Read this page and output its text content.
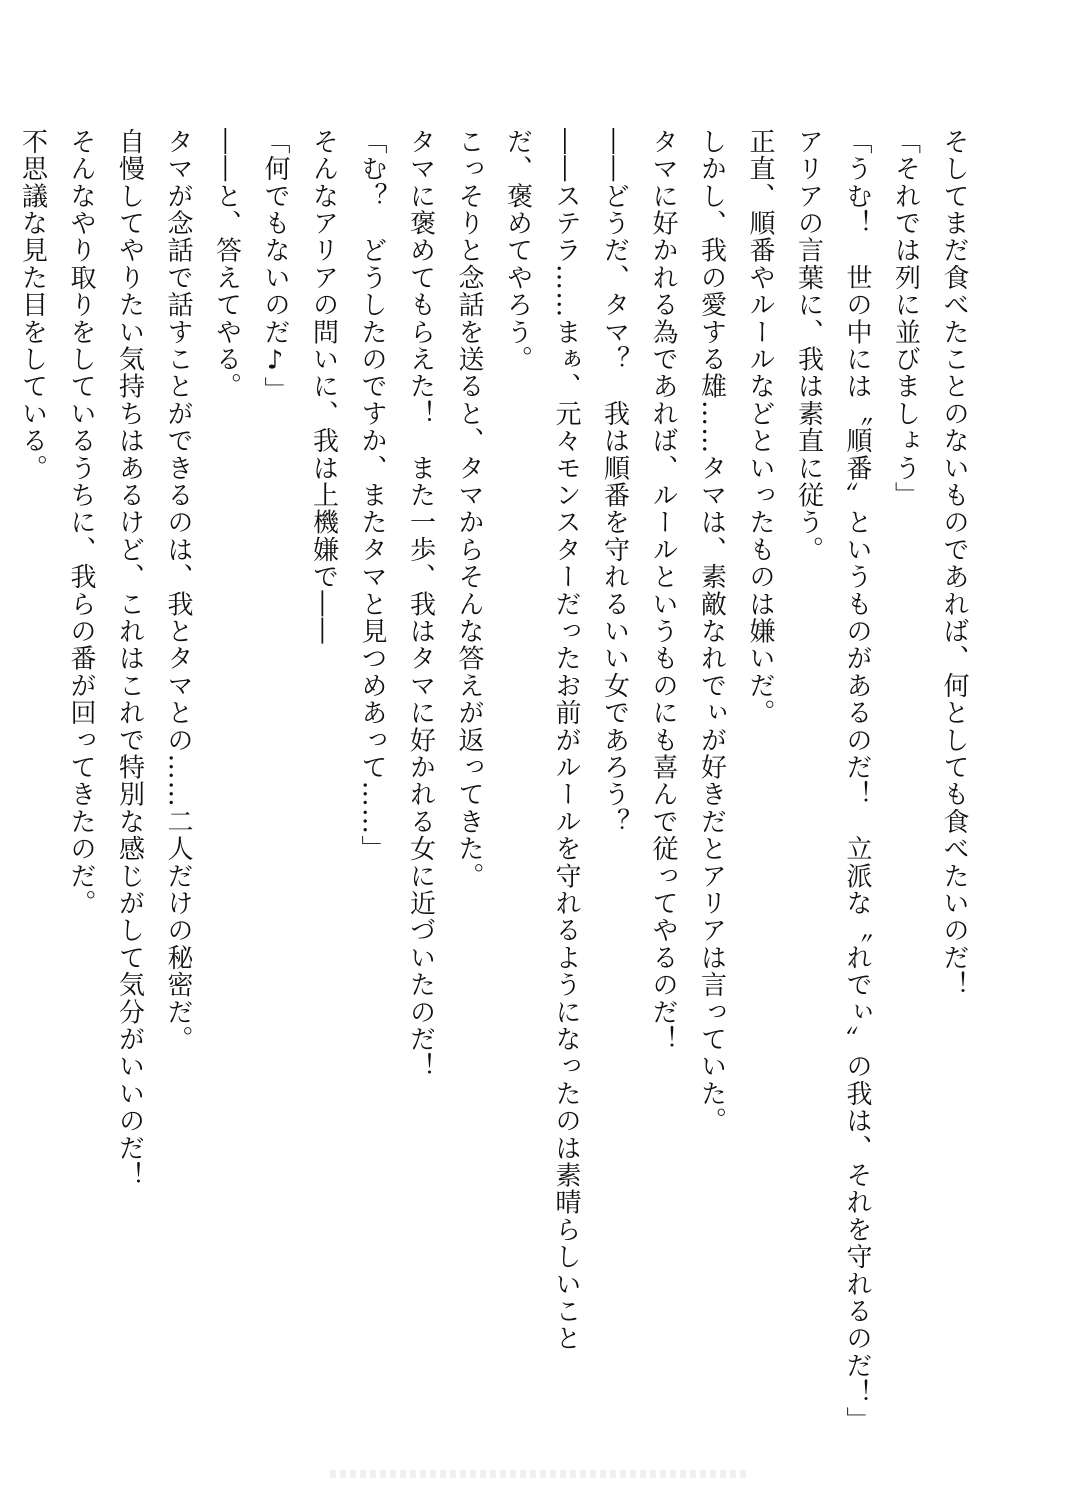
そしてまだ食べたことのないものであれば、何としても食べたいのだ！
「それでは列に並びましょう」
「うむ！　世の中には〝順番〟というものがあるのだ！　立派な〝れでぃ〟の我は、それを守れるのだ！」
アリアの言葉に、我は素直に従う。
正直、順番やルールなどといったものは嫌いだ。
しかし、我の愛する雄……タマは、素敵なれでぃが好きだとアリアは言っていた。
タマに好かれる為であれば、ルールというものにも喜んで従ってやるのだ！
――どうだ、タマ？　我は順番を守れるいい女であろう？
――ステラ……まぁ、元々モンスターだったお前がルールを守れるようになったのは素晴らしいこと
だ、褒めてやろう。
こっそりと念話を送ると、タマからそんな答えが返ってきた。
タマに褒めてもらえた！　また一歩、我はタマに好かれる女に近づいたのだ！
「む？　どうしたのですか、またタマと見つめあって……」
そんなアリアの問いに、我は上機嫌で――
「何でもないのだ♪」
――と、答えてやる。
タマが念話で話すことができるのは、我とタマとの……二人だけの秘密だ。
自慢してやりたい気持ちはあるけど、これはこれで特別な感じがして気分がいいのだ！
そんなやり取りをしているうちに、我らの番が回ってきたのだ。
不思議な見た目をしている。
